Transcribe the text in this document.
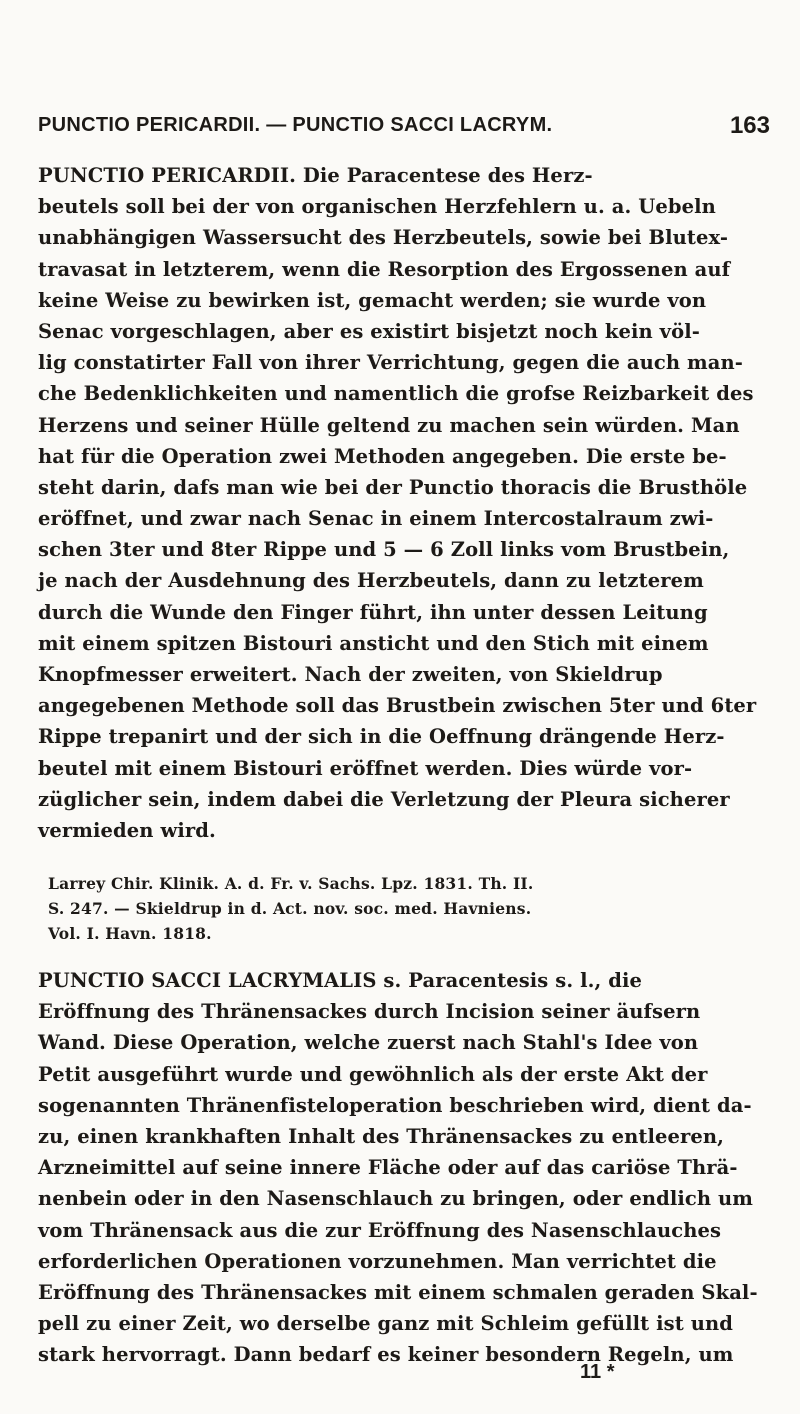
PUNCTIO PERICARDII. — PUNCTIO SACCI LACRYM.	163
PUNCTIO PERICARDII. Die Paracentese des Herz-
beutels soll bei der von organischen Herzfehlern u. a. Uebeln
unabhängigen Wassersucht des Herzbeutels, sowie bei Blutex-
travasat in letzterem, wenn die Resorption des Ergossenen auf
keine Weise zu bewirken ist, gemacht werden; sie wurde von
Senac vorgeschlagen, aber es existirt bisjetzt noch kein völ-
lig constatirter Fall von ihrer Verrichtung, gegen die auch man-
che Bedenklichkeiten und namentlich die grofse Reizbarkeit des
Herzens und seiner Hülle geltend zu machen sein würden. Man
hat für die Operation zwei Methoden angegeben. Die erste be-
steht darin, dafs man wie bei der Punctio thoracis die Brusthöle
eröffnet, und zwar nach Senac in einem Intercostalraum zwi-
schen 3ter und 8ter Rippe und 5 — 6 Zoll links vom Brustbein,
je nach der Ausdehnung des Herzbeutels, dann zu letzterem
durch die Wunde den Finger führt, ihn unter dessen Leitung
mit einem spitzen Bistouri ansticht und den Stich mit einem
Knopfmesser erweitert. Nach der zweiten, von Skieldrup
angegebenen Methode soll das Brustbein zwischen 5ter und 6ter
Rippe trepanirt und der sich in die Oeffnung drängende Herz-
beutel mit einem Bistouri eröffnet werden. Dies würde vor-
züglicher sein, indem dabei die Verletzung der Pleura sicherer
vermieden wird.
Larrey Chir. Klinik. A. d. Fr. v. Sachs. Lpz. 1831. Th. II.
S. 247. — Skieldrup in d. Act. nov. soc. med. Havniens.
Vol. I. Havn. 1818.
PUNCTIO SACCI LACRYMALIS s. Paracentesis s. l., die
Eröffnung des Thränensackes durch Incision seiner äufsern
Wand. Diese Operation, welche zuerst nach Stahl's Idee von
Petit ausgeführt wurde und gewöhnlich als der erste Akt der
sogenannten Thränenfisteloperation beschrieben wird, dient da-
zu, einen krankhaften Inhalt des Thränensackes zu entleeren,
Arzneimittel auf seine innere Fläche oder auf das cariöse Thrä-
nenbein oder in den Nasenschlauch zu bringen, oder endlich um
vom Thränensack aus die zur Eröffnung des Nasenschlauches
erforderlichen Operationen vorzunehmen. Man verrichtet die
Eröffnung des Thränensackes mit einem schmalen geraden Skal-
pell zu einer Zeit, wo derselbe ganz mit Schleim gefüllt ist und
stark hervorragt. Dann bedarf es keiner besondern Regeln, um
11 *
